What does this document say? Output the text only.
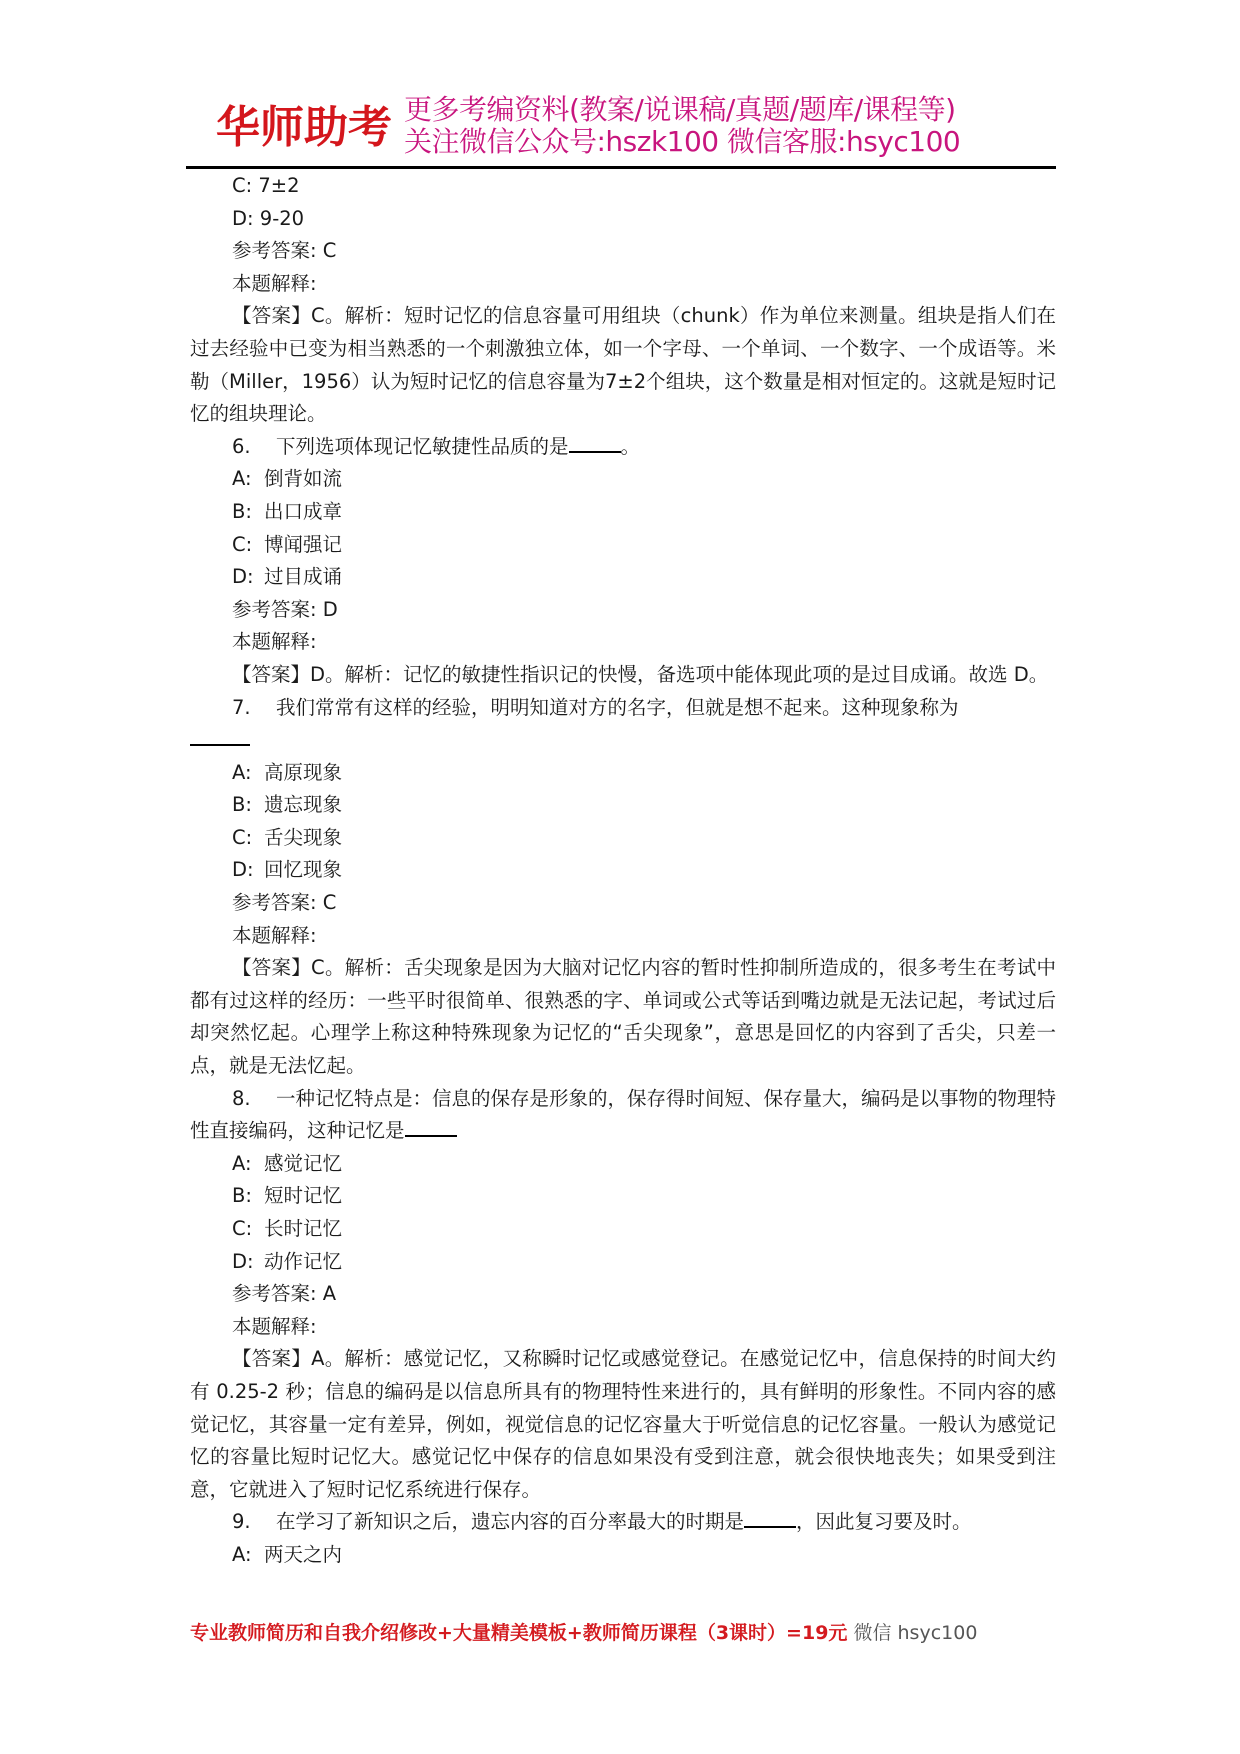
华师助考 更多考编资料(教案/说课稿/真题/题库/课程等)
关注微信公众号:hszk100 微信客服:hsyc100
C: 7±2
D: 9-20
参考答案: C
本题解释:
【答案】C。解析：短时记忆的信息容量可用组块（chunk）作为单位来测量。组块是指人们在过去经验中已变为相当熟悉的一个刺激独立体，如一个字母、一个单词、一个数字、一个成语等。米勒（Miller，1956）认为短时记忆的信息容量为7±2个组块，这个数量是相对恒定的。这就是短时记忆的组块理论。
6. 下列选项体现记忆敏捷性品质的是	。
A: 倒背如流
B: 出口成章
C: 博闻强记
D: 过目成诵
参考答案: D
本题解释:
【答案】D。解析：记忆的敏捷性指识记的快慢，备选项中能体现此项的是过目成诵。故选 D。
7. 我们常常有这样的经验，明明知道对方的名字，但就是想不起来。这种现象称为
A: 高原现象
B: 遗忘现象
C: 舌尖现象
D: 回忆现象
参考答案: C
本题解释:
【答案】C。解析：舌尖现象是因为大脑对记忆内容的暂时性抑制所造成的，很多考生在考试中都有过这样的经历：一些平时很简单、很熟悉的字、单词或公式等话到嘴边就是无法记起，考试过后却突然忆起。心理学上称这种特殊现象为记忆的“舌尖现象”，意思是回忆的内容到了舌尖，只差一点，就是无法忆起。
8. 一种记忆特点是：信息的保存是形象的，保存得时间短、保存量大，编码是以事物的物理特性直接编码，这种记忆是
A: 感觉记忆
B: 短时记忆
C: 长时记忆
D: 动作记忆
参考答案: A
本题解释:
【答案】A。解析：感觉记忆，又称瞬时记忆或感觉登记。在感觉记忆中，信息保持的时间大约有 0.25-2 秒；信息的编码是以信息所具有的物理特性来进行的，具有鲜明的形象性。不同内容的感觉记忆，其容量一定有差异，例如，视觉信息的记忆容量大于听觉信息的记忆容量。一般认为感觉记忆的容量比短时记忆大。感觉记忆中保存的信息如果没有受到注意，就会很快地丧失；如果受到注意，它就进入了短时记忆系统进行保存。
9. 在学习了新知识之后，遗忘内容的百分率最大的时期是	，因此复习要及时。
A: 两天之内
专业教师简历和自我介绍修改+大量精美模板+教师简历课程（3课时）=19元 微信 hsyc100
